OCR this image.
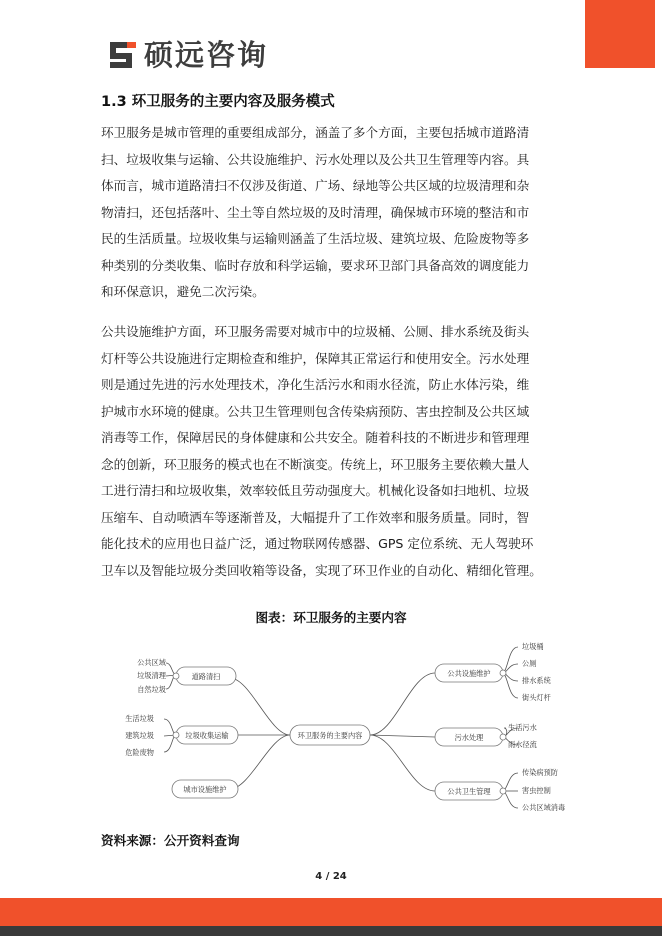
硕远咨询
1.3 环卫服务的主要内容及服务模式
环卫服务是城市管理的重要组成部分，涵盖了多个方面，主要包括城市道路清
扫、垃圾收集与运输、公共设施维护、污水处理以及公共卫生管理等内容。具
体而言，城市道路清扫不仅涉及街道、广场、绿地等公共区域的垃圾清理和杂
物清扫，还包括落叶、尘土等自然垃圾的及时清理，确保城市环境的整洁和市
民的生活质量。垃圾收集与运输则涵盖了生活垃圾、建筑垃圾、危险废物等多
种类别的分类收集、临时存放和科学运输，要求环卫部门具备高效的调度能力
和环保意识，避免二次污染。
公共设施维护方面，环卫服务需要对城市中的垃圾桶、公厕、排水系统及街头
灯杆等公共设施进行定期检查和维护，保障其正常运行和使用安全。污水处理
则是通过先进的污水处理技术，净化生活污水和雨水径流，防止水体污染，维
护城市水环境的健康。公共卫生管理则包含传染病预防、害虫控制及公共区域
消毒等工作，保障居民的身体健康和公共安全。随着科技的不断进步和管理理
念的创新，环卫服务的模式也在不断演变。传统上，环卫服务主要依赖大量人
工进行清扫和垃圾收集，效率较低且劳动强度大。机械化设备如扫地机、垃圾
压缩车、自动喷洒车等逐渐普及，大幅提升了工作效率和服务质量。同时，智
能化技术的应用也日益广泛，通过物联网传感器、GPS 定位系统、无人驾驶环
卫车以及智能垃圾分类回收箱等设备，实现了环卫作业的自动化、精细化管理。
图表：环卫服务的主要内容
环卫服务的主要内容
道路清扫
垃圾收集运输
城市设施维护
公共设施维护
污水处理
公共卫生管理
公共区域
垃圾清理
自然垃圾
生活垃圾
建筑垃圾
危险废物
垃圾桶
公厕
排水系统
街头灯杆
生活污水
雨水径流
传染病预防
害虫控制
公共区域消毒
资料来源：公开资料查询
4 / 24
